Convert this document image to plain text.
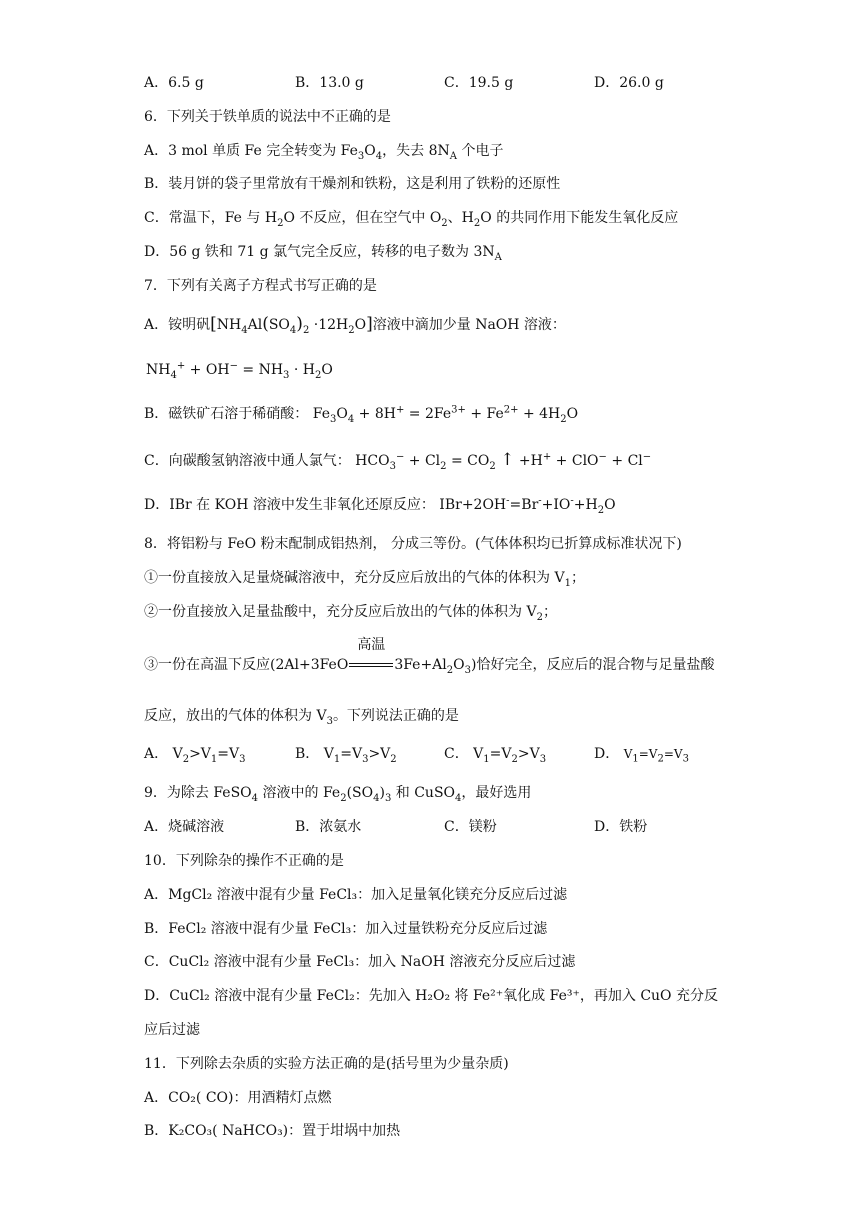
A．6.5 g	B．13.0 g	C．19.5 g	D．26.0 g
6．下列关于铁单质的说法中不正确的是
A．3 mol 单质 Fe 完全转变为 $Fe_3O_4$，失去 $8N_A$ 个电子
B．装月饼的袋子里常放有干燥剂和铁粉，这是利用了铁粉的还原性
C．常温下，Fe 与 $H_2O$ 不反应，但在空气中 $O_2$、$H_2O$ 的共同作用下能发生氧化反应
D．56 g 铁和 71 g 氯气完全反应，转移的电子数为 $3N_A$
7．下列有关离子方程式书写正确的是
A．铵明矾$[NH_4Al(SO_4)_2 \cdot 12H_2O]$溶液中滴加少量 NaOH 溶液：
$NH_4^+ + OH^- = NH_3 \cdot H_2O$
B．磁铁矿石溶于稀硝酸： $Fe_3O_4 + 8H^+ = 2Fe^{3+} + Fe^{2+} + 4H_2O$
C．向碳酸氢钠溶液中通人氯气： $HCO_3^- + Cl_2 = CO_2$ ↑ +H+ + ClO− + Cl−
D．IBr 在 KOH 溶液中发生非氧化还原反应： $IBr+2OH^-=Br^-+IO^-+H_2O$
8．将铝粉与 FeO 粉末配制成铝热剂， 分成三等份。(气体体积均已折算成标准状况下)
①一份直接放入足量烧碱溶液中，充分反应后放出的气体的体积为 $V_1$；
②一份直接放入足量盐酸中，充分反应后放出的气体的体积为 $V_2$；
③一份在高温下反应(2Al+3FeO
高温
$3Fe+Al_2O_3$)恰好完全，反应后的混合物与足量盐酸
反应，放出的气体的体积为 $V_3$。下列说法正确的是
A． $V_2>V_1=V_3$	B． $V_1=V_3>V_2$	C． $V_1=V_2>V_3$	D． $V_1=V_2=V_3$
9．为除去 FeSO$_4$ 溶液中的 $Fe_2(SO_4)_3$ 和 CuSO$_4$，最好选用
A．烧碱溶液	B．浓氨水	C．镁粉	D．铁粉
10．下列除杂的操作不正确的是
A．MgCl₂ 溶液中混有少量 FeCl₃：加入足量氧化镁充分反应后过滤
B．FeCl₂ 溶液中混有少量 FeCl₃：加入过量铁粉充分反应后过滤
C．CuCl₂ 溶液中混有少量 FeCl₃：加入 NaOH 溶液充分反应后过滤
D．CuCl₂ 溶液中混有少量 FeCl₂：先加入 H₂O₂ 将 Fe²⁺氧化成 Fe³⁺，再加入 CuO 充分反
应后过滤
11．下列除去杂质的实验方法正确的是(括号里为少量杂质)
A．CO₂( CO)：用酒精灯点燃
B．K₂CO₃( NaHCO₃)：置于坩埚中加热
